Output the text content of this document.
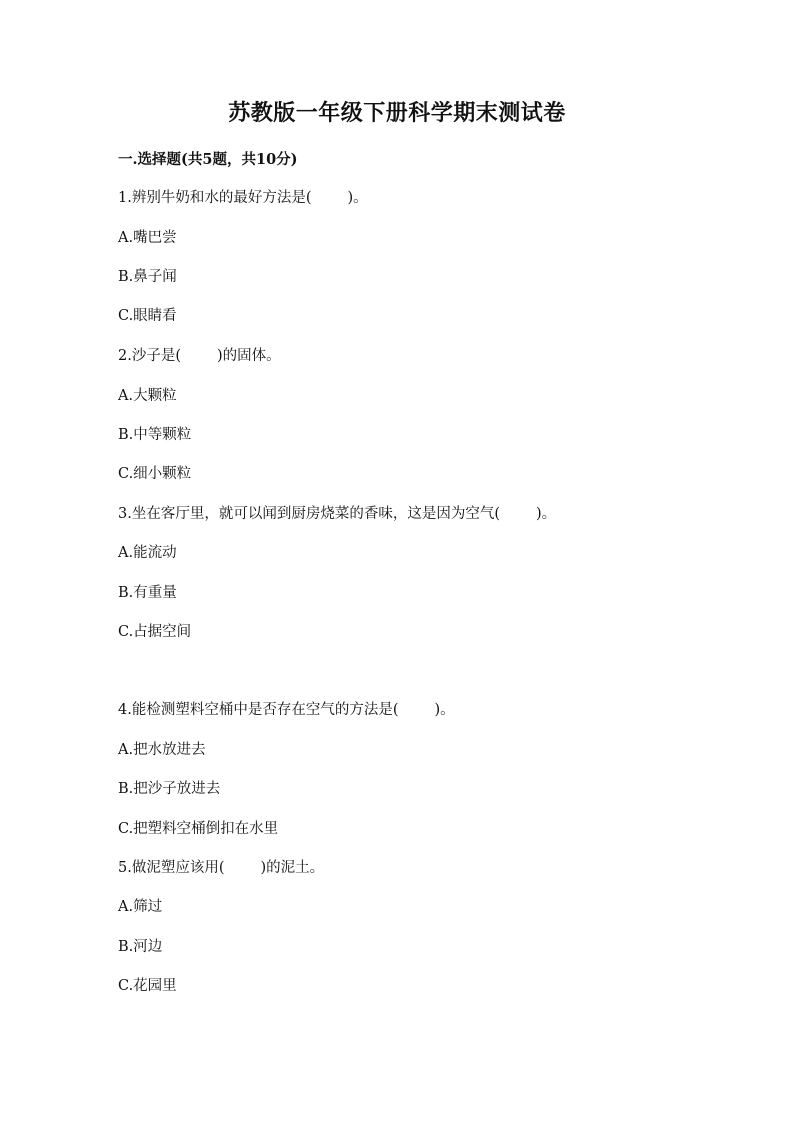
苏教版一年级下册科学期末测试卷
一.选择题(共5题，共10分)
1.辨别牛奶和水的最好方法是( )。
A.嘴巴尝
B.鼻子闻
C.眼睛看
2.沙子是( )的固体。
A.大颗粒
B.中等颗粒
C.细小颗粒
3.坐在客厅里，就可以闻到厨房烧菜的香味，这是因为空气( )。
A.能流动
B.有重量
C.占据空间
4.能检测塑料空桶中是否存在空气的方法是( )。
A.把水放进去
B.把沙子放进去
C.把塑料空桶倒扣在水里
5.做泥塑应该用( )的泥土。
A.筛过
B.河边
C.花园里
